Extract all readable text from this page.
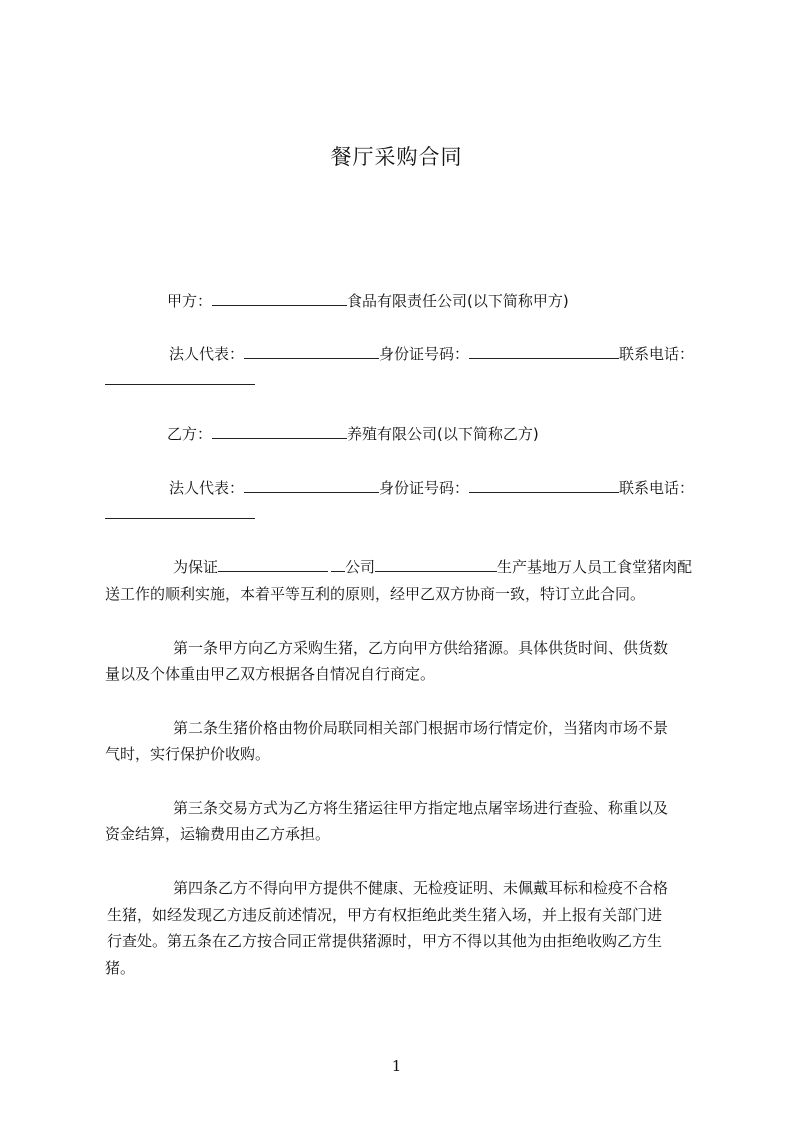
餐厅采购合同
甲方：	食品有限责任公司(以下简称甲方)
法人代表：	身份证号码：	联系电话：
乙方：	养殖有限公司(以下简称乙方)
法人代表：	身份证号码：	联系电话：
为保证	公司	生产基地万人员工食堂猪肉配
送工作的顺利实施，本着平等互利的原则，经甲乙双方协商一致，特订立此合同。
第一条甲方向乙方采购生猪，乙方向甲方供给猪源。具体供货时间、供货数
量以及个体重由甲乙双方根据各自情况自行商定。
第二条生猪价格由物价局联同相关部门根据市场行情定价，当猪肉市场不景
气时，实行保护价收购。
第三条交易方式为乙方将生猪运往甲方指定地点屠宰场进行查验、称重以及
资金结算，运输费用由乙方承担。
第四条乙方不得向甲方提供不健康、无检疫证明、未佩戴耳标和检疫不合格
生猪，如经发现乙方违反前述情况，甲方有权拒绝此类生猪入场，并上报有关部门进
行查处。第五条在乙方按合同正常提供猪源时，甲方不得以其他为由拒绝收购乙方生
猪。
1
